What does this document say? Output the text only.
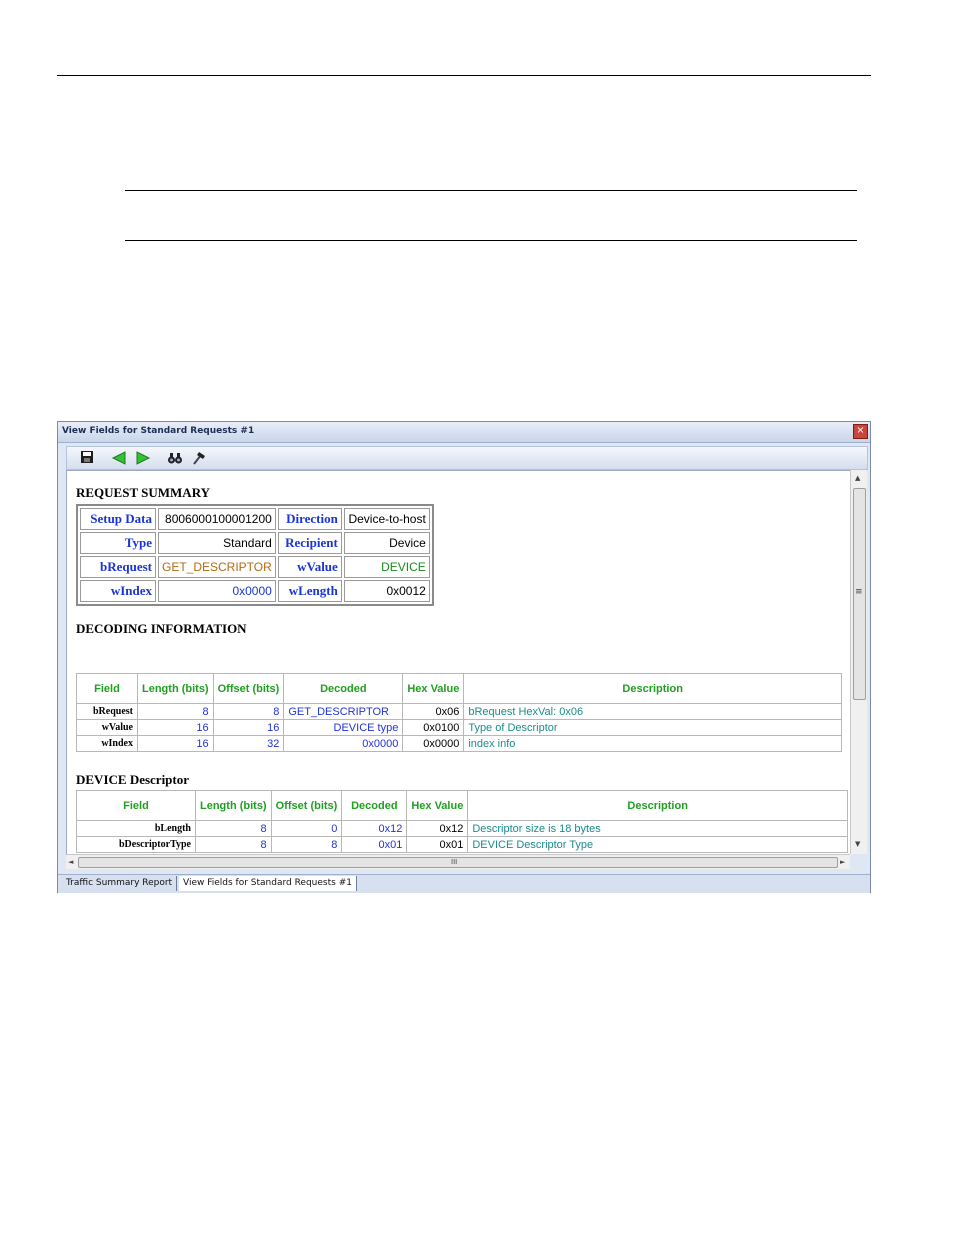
View Fields for Standard Requests #1	×
REQUEST SUMMARY
Setup Data	8006000100001200	Direction	Device-to-host
Type	Standard	Recipient	Device
bRequest	GET_DESCRIPTOR	wValue	DEVICE
wIndex	0x0000	wLength	0x0012
DECODING INFORMATION
Field	Length (bits)	Offset (bits)	Decoded	Hex Value	Description
bRequest	8	8	GET_DESCRIPTOR	0x06	bRequest HexVal: 0x06
wValue	16	16	DEVICE type	0x0100	Type of Descriptor
wIndex	16	32	0x0000	0x0000	index info
DEVICE Descriptor
Field	Length (bits)	Offset (bits)	Decoded	Hex Value	Description
bLength	8	0	0x12	0x12	Descriptor size is 18 bytes
bDescriptorType	8	8	0x01	0x01	DEVICE Descriptor Type
▲
≡
▼
◄	III	►
Traffic Summary Report	View Fields for Standard Requests #1
